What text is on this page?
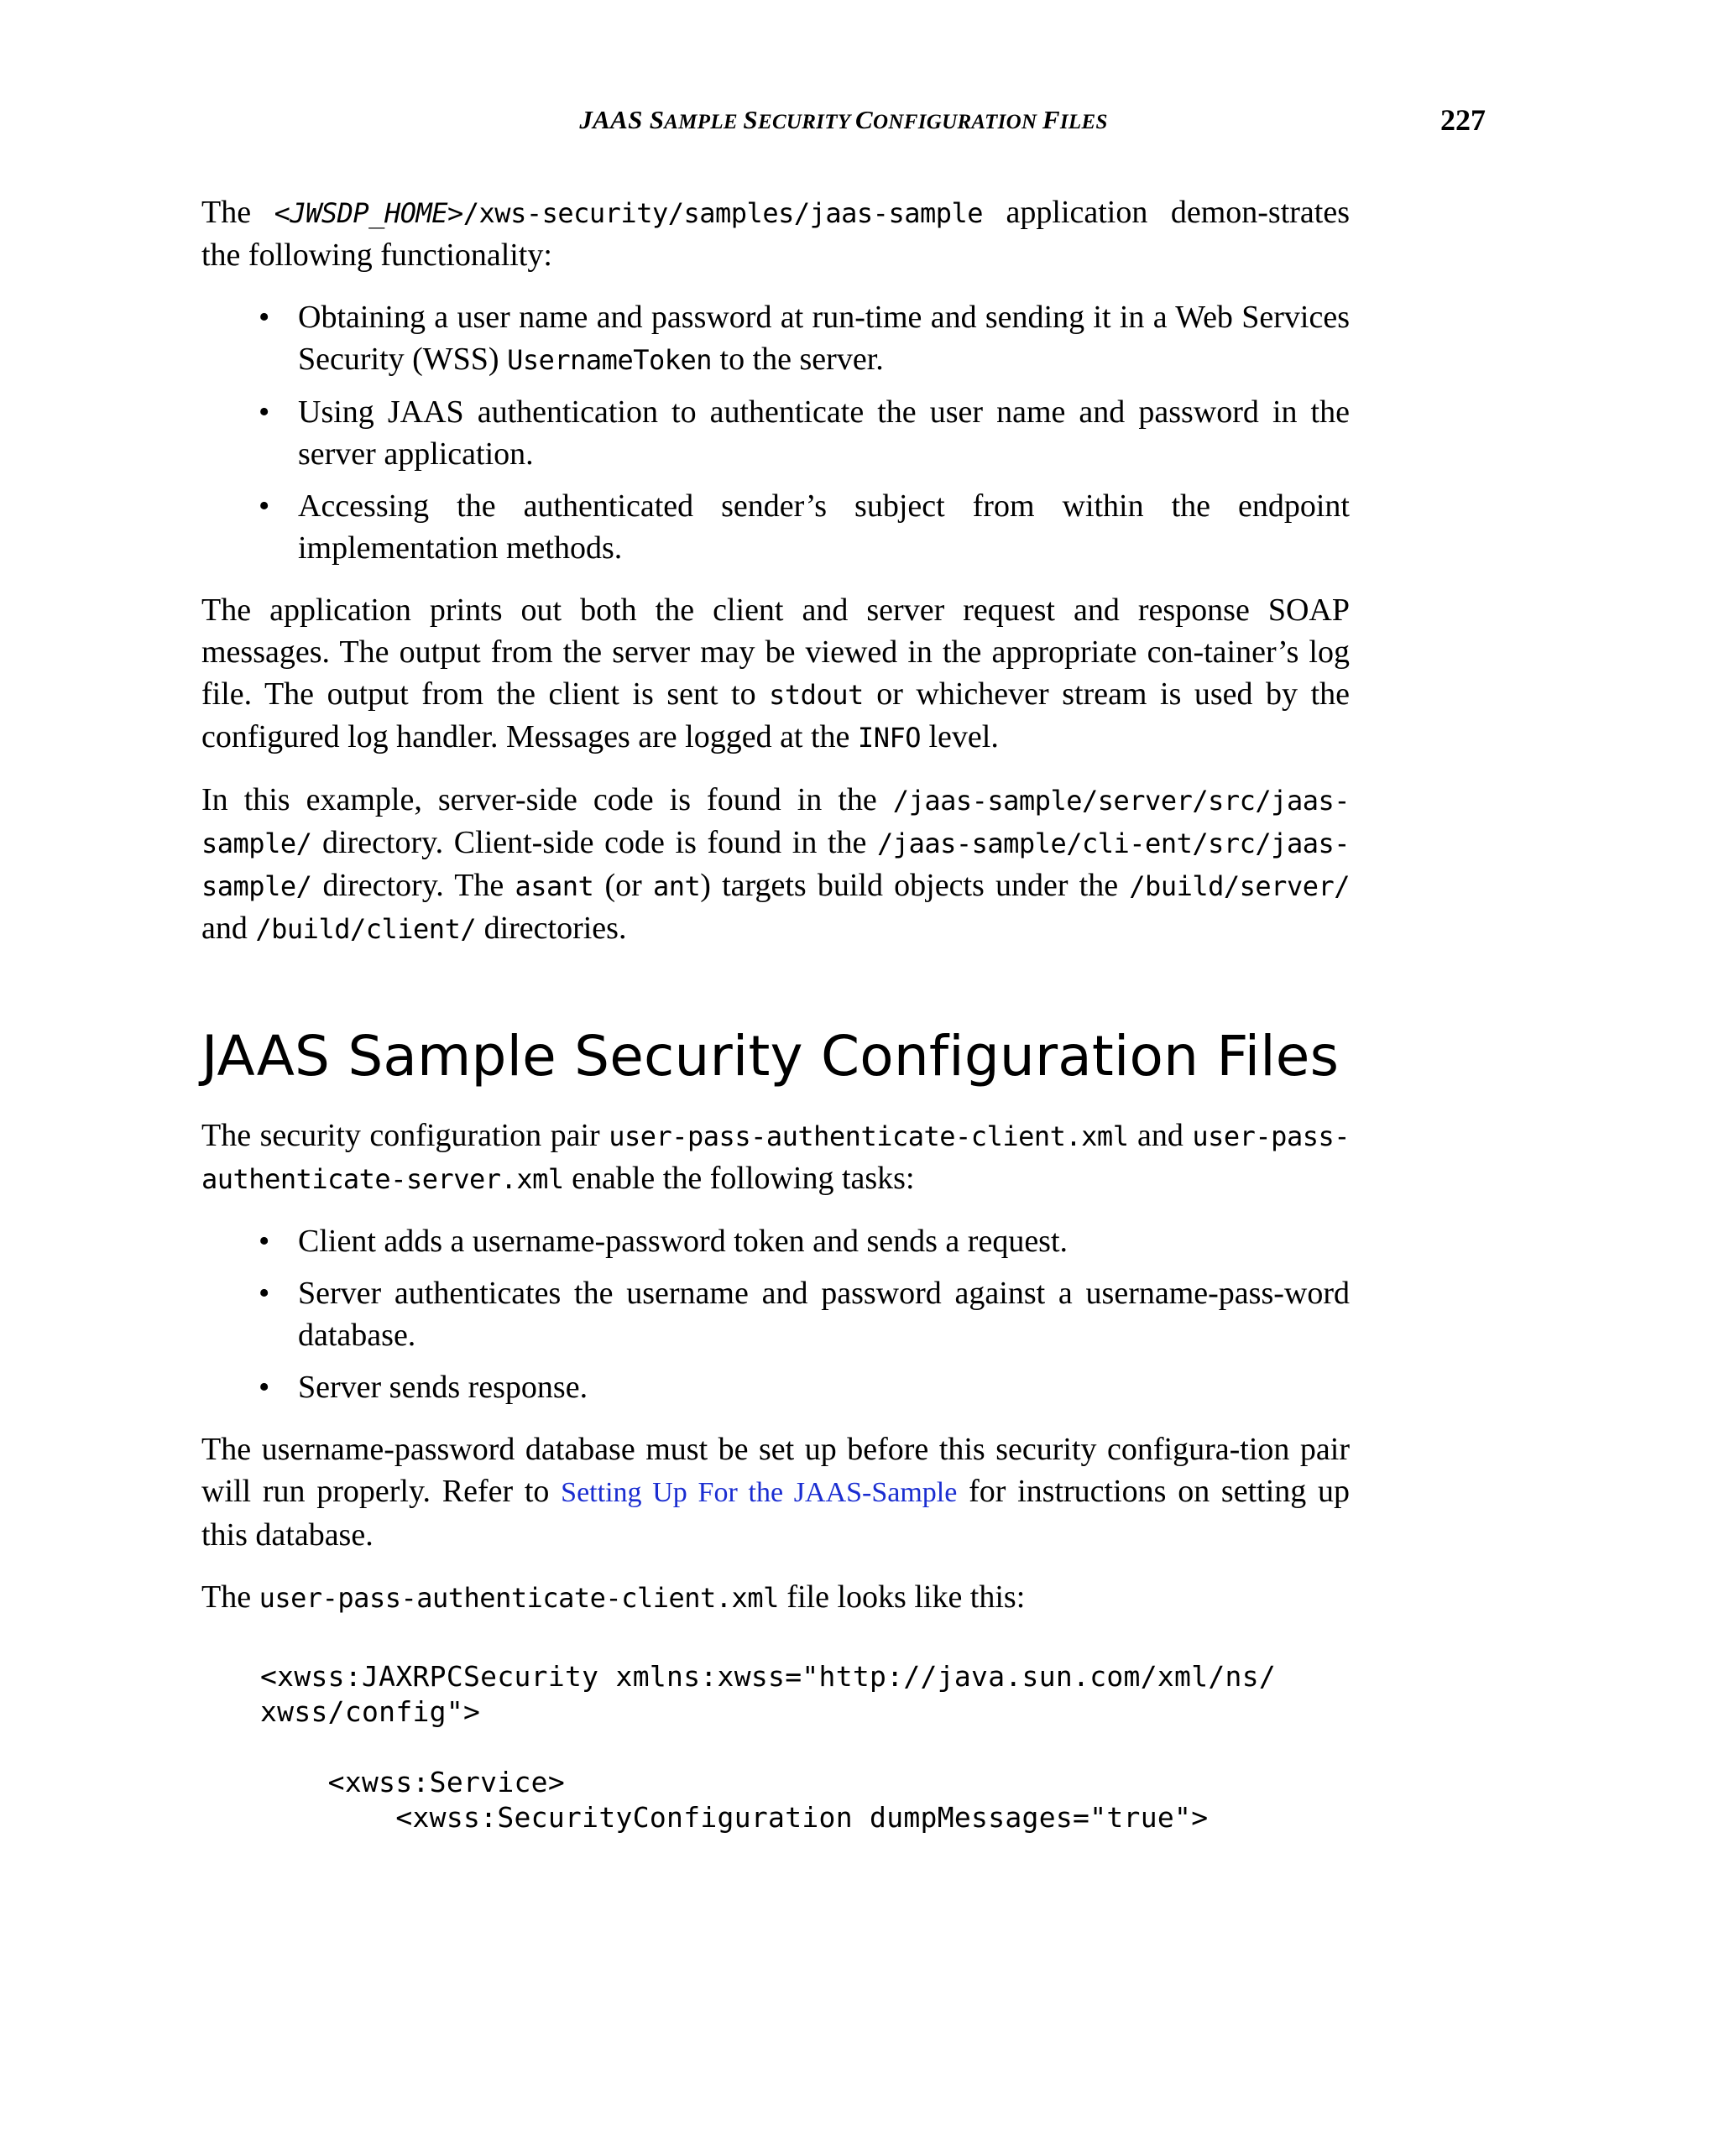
JAAS SAMPLE SECURITY CONFIGURATION FILES	227

The <JWSDP_HOME>/xws-security/samples/jaas-sample application demon-strates the following functionality:

• Obtaining a user name and password at run-time and sending it in a Web Services Security (WSS) UsernameToken to the server.
• Using JAAS authentication to authenticate the user name and password in the server application.
• Accessing the authenticated sender’s subject from within the endpoint implementation methods.

The application prints out both the client and server request and response SOAP messages. The output from the server may be viewed in the appropriate con-tainer’s log file. The output from the client is sent to stdout or whichever stream is used by the configured log handler. Messages are logged at the INFO level.

In this example, server-side code is found in the /jaas-sample/server/src/jaas-sample/ directory. Client-side code is found in the /jaas-sample/cli-ent/src/jaas-sample/ directory. The asant (or ant) targets build objects under the /build/server/ and /build/client/ directories.

JAAS Sample Security Configuration Files

The security configuration pair user-pass-authenticate-client.xml and user-pass-authenticate-server.xml enable the following tasks:

• Client adds a username-password token and sends a request.
• Server authenticates the username and password against a username-pass-word database.
• Server sends response.

The username-password database must be set up before this security configura-tion pair will run properly. Refer to Setting Up For the JAAS-Sample for instructions on setting up this database.

The user-pass-authenticate-client.xml file looks like this:

<xwss:JAXRPCSecurity xmlns:xwss="http://java.sun.com/xml/ns/
xwss/config">

<xwss:Service>
<xwss:SecurityConfiguration dumpMessages="true">
